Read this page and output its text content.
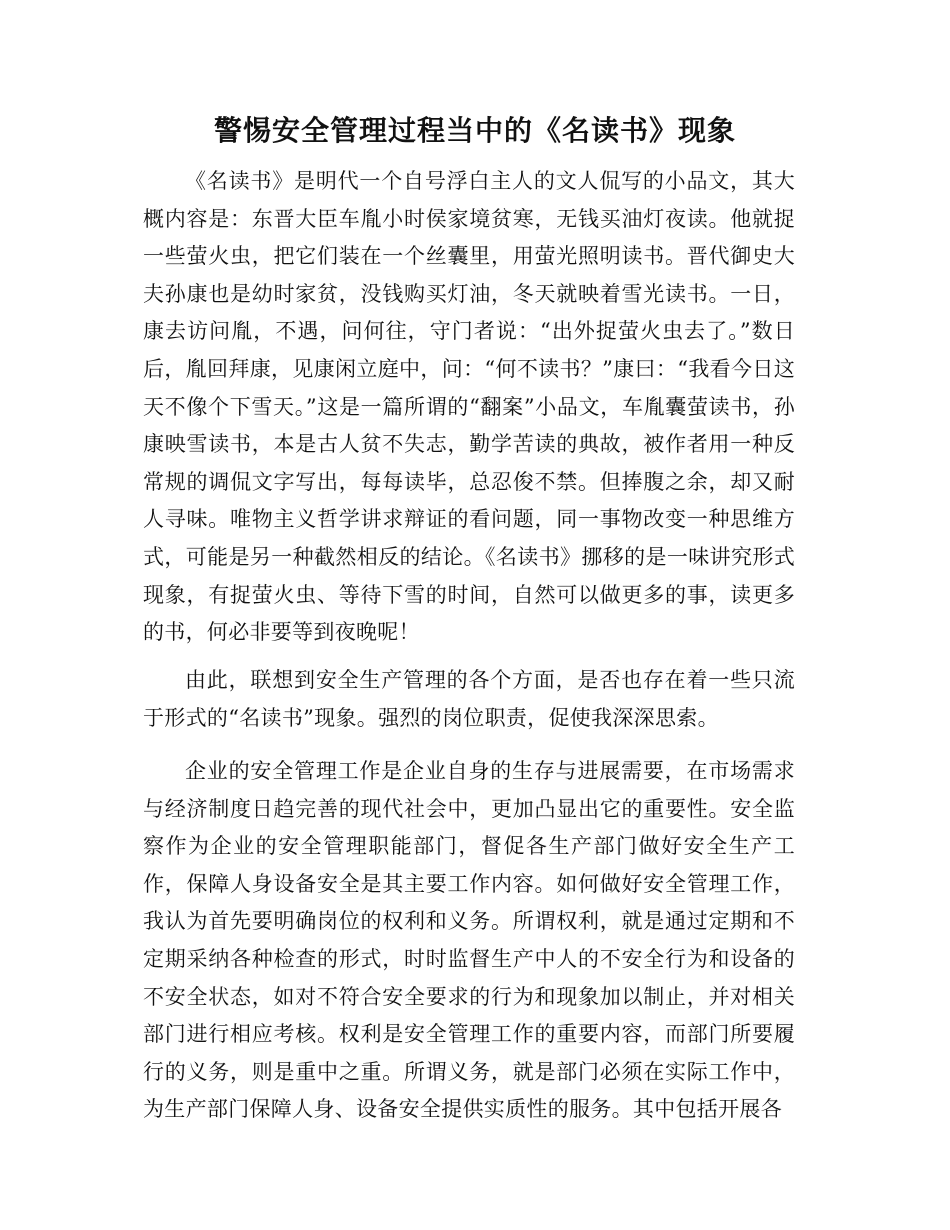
警惕安全管理过程当中的《名读书》现象

《名读书》是明代一个自号浮白主人的文人侃写的小品文，其大概内容是：东晋大臣车胤小时侯家境贫寒，无钱买油灯夜读。他就捉一些萤火虫，把它们装在一个丝囊里，用萤光照明读书。晋代御史大夫孙康也是幼时家贫，没钱购买灯油，冬天就映着雪光读书。一日，康去访问胤，不遇，问何往，守门者说：“出外捉萤火虫去了。”数日后，胤回拜康，见康闲立庭中，问：“何不读书？”康曰：“我看今日这天不像个下雪天。”这是一篇所谓的“翻案”小品文，车胤囊萤读书，孙康映雪读书，本是古人贫不失志，勤学苦读的典故，被作者用一种反常规的调侃文字写出，每每读毕，总忍俊不禁。但捧腹之余，却又耐人寻味。唯物主义哲学讲求辩证的看问题，同一事物改变一种思维方式，可能是另一种截然相反的结论。《名读书》挪移的是一味讲究形式现象，有捉萤火虫、等待下雪的时间，自然可以做更多的事，读更多的书，何必非要等到夜晚呢！

由此，联想到安全生产管理的各个方面，是否也存在着一些只流于形式的“名读书”现象。强烈的岗位职责，促使我深深思索。

企业的安全管理工作是企业自身的生存与进展需要，在市场需求与经济制度日趋完善的现代社会中，更加凸显出它的重要性。安全监察作为企业的安全管理职能部门，督促各生产部门做好安全生产工作，保障人身设备安全是其主要工作内容。如何做好安全管理工作，我认为首先要明确岗位的权利和义务。所谓权利，就是通过定期和不定期采纳各种检查的形式，时时监督生产中人的不安全行为和设备的不安全状态，如对不符合安全要求的行为和现象加以制止，并对相关部门进行相应考核。权利是安全管理工作的重要内容，而部门所要履行的义务，则是重中之重。所谓义务，就是部门必须在实际工作中，为生产部门保障人身、设备安全提供实质性的服务。其中包括开展各
